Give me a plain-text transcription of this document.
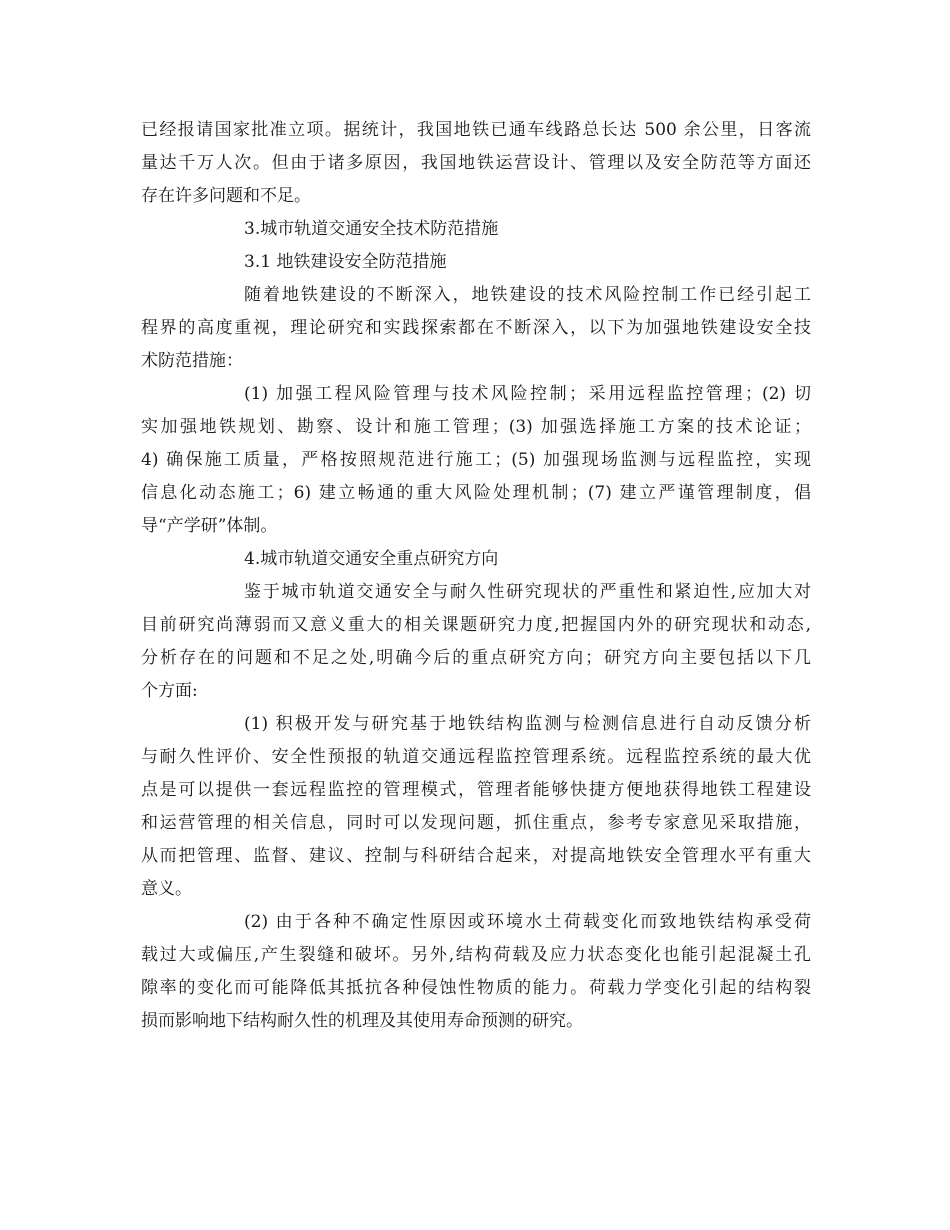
已经报请国家批准立项。据统计，我国地铁已通车线路总长达 500 余公里，日客流
量达千万人次。但由于诸多原因，我国地铁运营设计、管理以及安全防范等方面还
存在许多问题和不足。
3.城市轨道交通安全技术防范措施
3.1 地铁建设安全防范措施
随着地铁建设的不断深入，地铁建设的技术风险控制工作已经引起工
程界的高度重视，理论研究和实践探索都在不断深入，以下为加强地铁建设安全技
术防范措施：
(1) 加强工程风险管理与技术风险控制；采用远程监控管理；(2) 切
实加强地铁规划、勘察、设计和施工管理；(3) 加强选择施工方案的技术论证；
4) 确保施工质量，严格按照规范进行施工；(5) 加强现场监测与远程监控，实现
信息化动态施工；6) 建立畅通的重大风险处理机制；(7) 建立严谨管理制度，倡
导“产学研”体制。
4.城市轨道交通安全重点研究方向
鉴于城市轨道交通安全与耐久性研究现状的严重性和紧迫性,应加大对
目前研究尚薄弱而又意义重大的相关课题研究力度,把握国内外的研究现状和动态,
分析存在的问题和不足之处,明确今后的重点研究方向；研究方向主要包括以下几
个方面:
(1) 积极开发与研究基于地铁结构监测与检测信息进行自动反馈分析
与耐久性评价、安全性预报的轨道交通远程监控管理系统。远程监控系统的最大优
点是可以提供一套远程监控的管理模式，管理者能够快捷方便地获得地铁工程建设
和运营管理的相关信息，同时可以发现问题，抓住重点，参考专家意见采取措施，
从而把管理、监督、建议、控制与科研结合起来，对提高地铁安全管理水平有重大
意义。
(2) 由于各种不确定性原因或环境水土荷载变化而致地铁结构承受荷
载过大或偏压,产生裂缝和破坏。另外,结构荷载及应力状态变化也能引起混凝土孔
隙率的变化而可能降低其抵抗各种侵蚀性物质的能力。荷载力学变化引起的结构裂
损而影响地下结构耐久性的机理及其使用寿命预测的研究。
